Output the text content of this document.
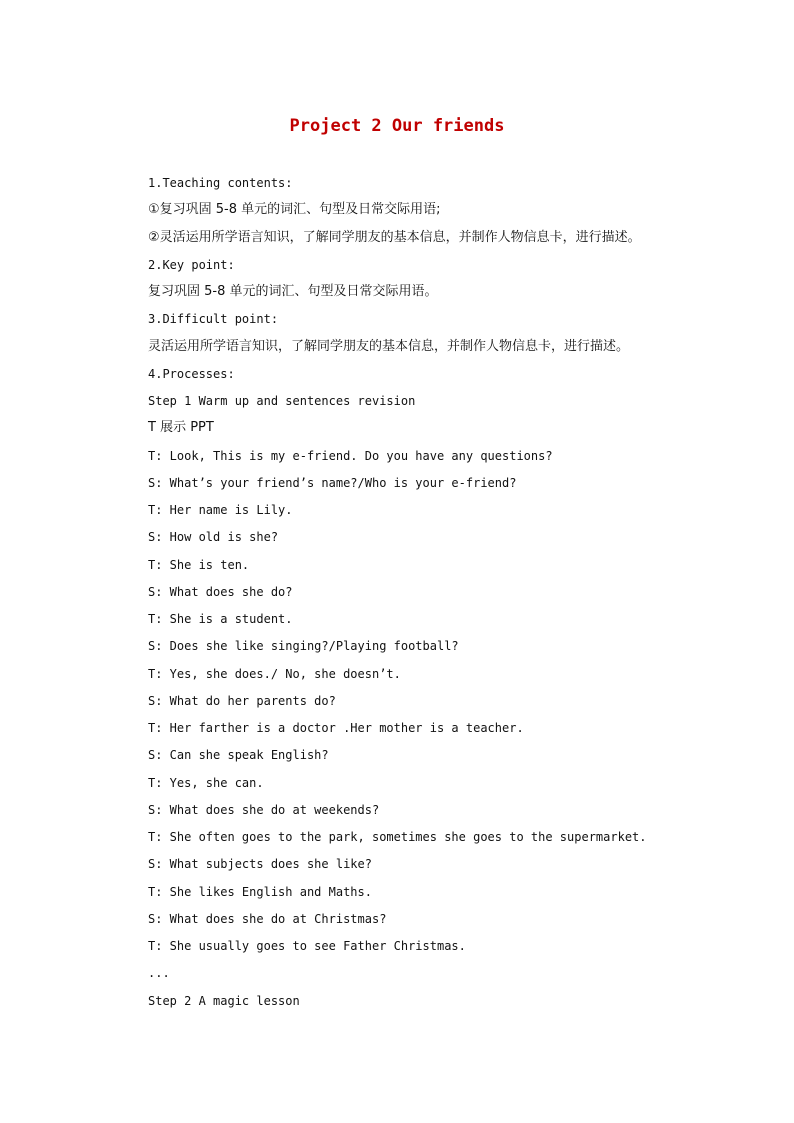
Project 2 Our friends
1.Teaching contents:
①复习巩固 5-8 单元的词汇、句型及日常交际用语;
②灵活运用所学语言知识，了解同学朋友的基本信息，并制作人物信息卡，进行描述。
2.Key point:
复习巩固 5-8 单元的词汇、句型及日常交际用语。
3.Difficult point:
灵活运用所学语言知识，了解同学朋友的基本信息，并制作人物信息卡，进行描述。
4.Processes:
Step 1 Warm up and sentences revision
T 展示 PPT
T: Look, This is my e-friend. Do you have any questions?
S: What’s your friend’s name?/Who is your e-friend?
T: Her name is Lily.
S: How old is she?
T: She is ten.
S: What does she do?
T: She is a student.
S: Does she like singing?/Playing football?
T: Yes, she does./ No, she doesn’t.
S: What do her parents do?
T: Her farther is a doctor .Her mother is a teacher.
S: Can she speak English?
T: Yes, she can.
S: What does she do at weekends?
T: She often goes to the park, sometimes she goes to the supermarket.
S: What subjects does she like?
T: She likes English and Maths.
S: What does she do at Christmas?
T: She usually goes to see Father Christmas.
...
Step 2 A magic lesson
